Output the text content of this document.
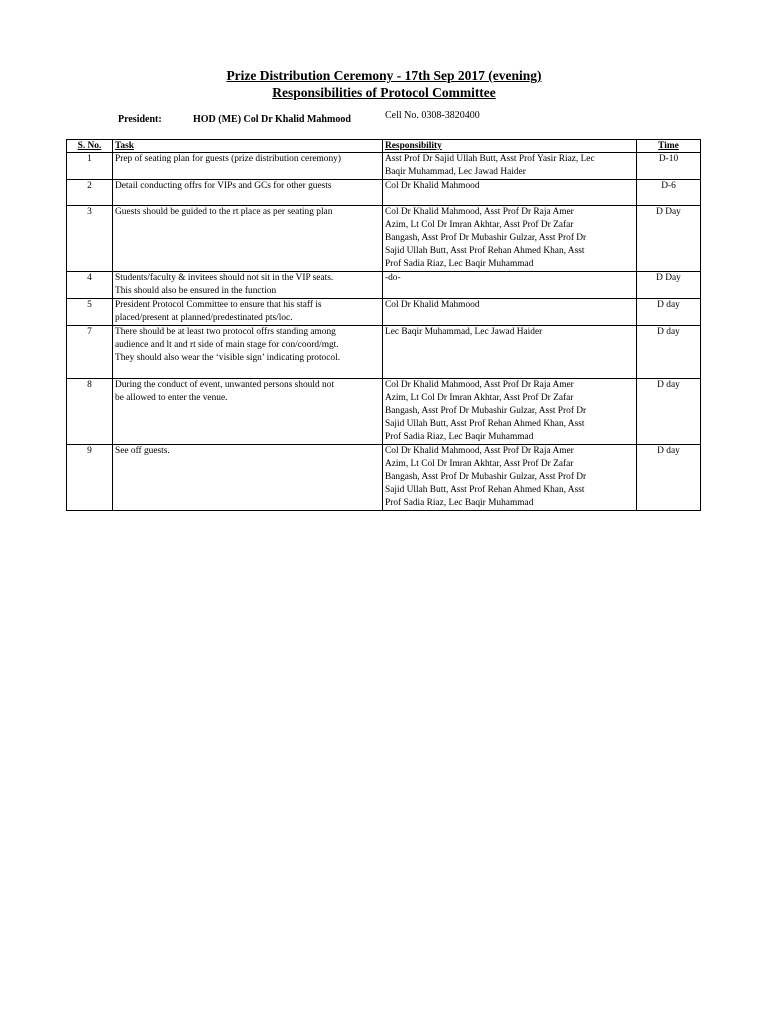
Prize Distribution Ceremony - 17th Sep 2017 (evening)
Responsibilities of Protocol Committee
President:	HOD (ME) Col Dr Khalid Mahmood	Cell No. 0308-3820400
S. No.	Task	Responsibility	Time
1	Prep of seating plan for guests (prize distribution ceremony)	Asst Prof Dr Sajid Ullah Butt, Asst Prof Yasir Riaz, Lec
Baqir Muhammad, Lec Jawad Haider	D-10
2	Detail conducting offrs for VIPs and GCs for other guests	Col Dr Khalid Mahmood	D-6
3	Guests should be guided to the rt place as per seating plan	Col Dr Khalid Mahmood, Asst Prof Dr Raja Amer
Azim, Lt Col Dr Imran Akhtar, Asst Prof Dr Zafar
Bangash, Asst Prof Dr Mubashir Gulzar, Asst Prof Dr
Sajid Ullah Butt, Asst Prof Rehan Ahmed Khan, Asst
Prof Sadia Riaz, Lec Baqir Muhammad	D Day
4	Students/faculty & invitees should not sit in the VIP seats.
This should also be ensured in the function	-do-	D Day
5	President Protocol Committee to ensure that his staff is
placed/present at planned/predestinated pts/loc.	Col Dr Khalid Mahmood	D day
7	There should be at least two protocol offrs standing among
audience and lt and rt side of main stage for con/coord/mgt.
They should also wear the ‘visible sign’ indicating protocol.	Lec Baqir Muhammad, Lec Jawad Haider	D day
8	During the conduct of event, unwanted persons should not
be allowed to enter the venue.	Col Dr Khalid Mahmood, Asst Prof Dr Raja Amer
Azim, Lt Col Dr Imran Akhtar, Asst Prof Dr Zafar
Bangash, Asst Prof Dr Mubashir Gulzar, Asst Prof Dr
Sajid Ullah Butt, Asst Prof Rehan Ahmed Khan, Asst
Prof Sadia Riaz, Lec Baqir Muhammad	D day
9	See off guests.	Col Dr Khalid Mahmood, Asst Prof Dr Raja Amer
Azim, Lt Col Dr Imran Akhtar, Asst Prof Dr Zafar
Bangash, Asst Prof Dr Mubashir Gulzar, Asst Prof Dr
Sajid Ullah Butt, Asst Prof Rehan Ahmed Khan, Asst
Prof Sadia Riaz, Lec Baqir Muhammad	D day
